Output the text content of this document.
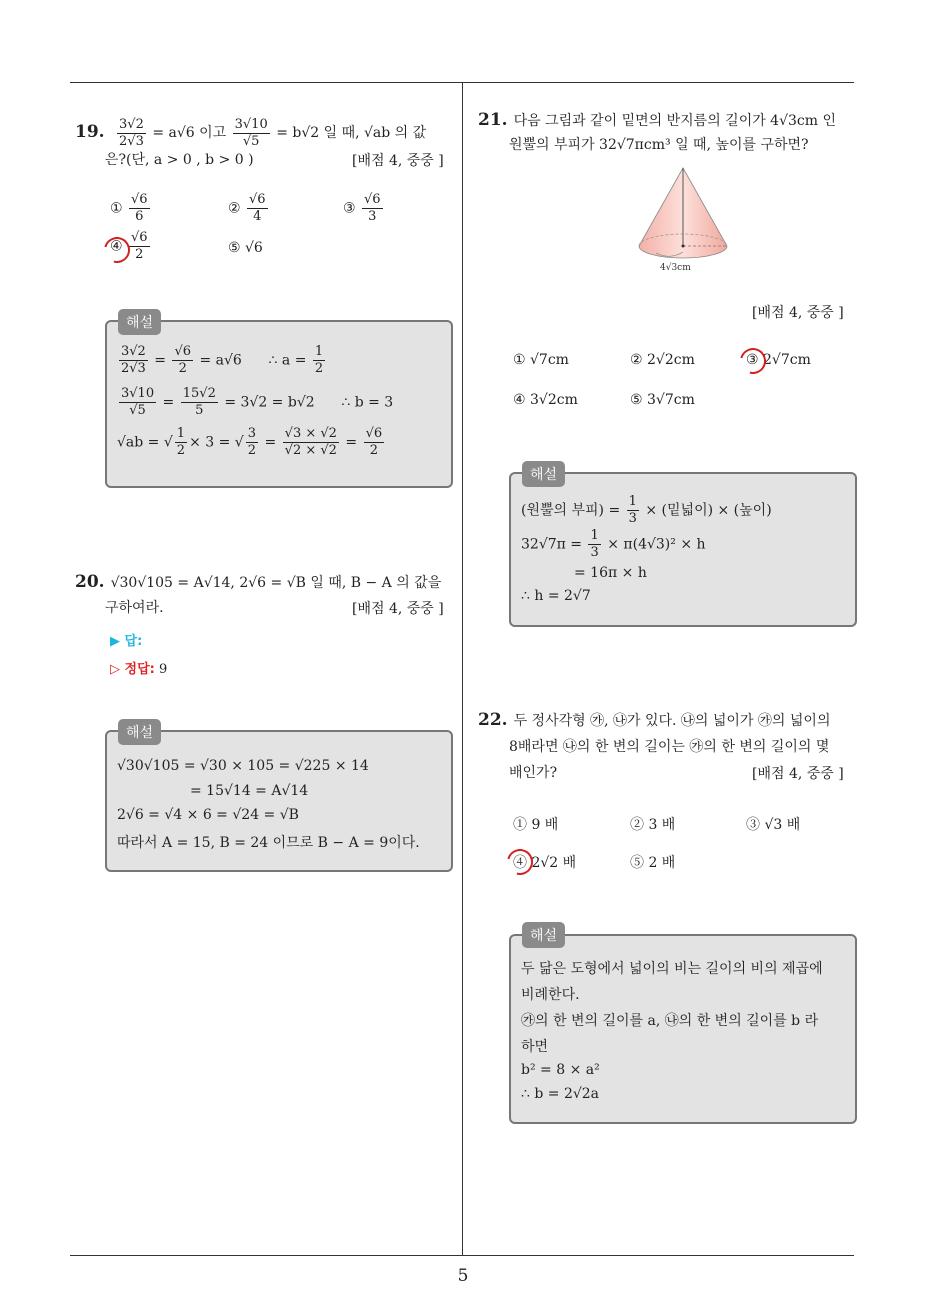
19. $\frac{3√2}{2√3} = a√6$ 이고 $\frac{3√10}{√5} = b√2$ 일 때, √ab 의 값
은?(단, a > 0 , b > 0 )	[배점 4, 중중 ]
① $\frac{√6}{6}$	② $\frac{√6}{4}$	③ $\frac{√6}{3}$
④ $\frac{√6}{2}$	⑤ √6
해설
$\frac{3√2}{2√3} = \frac{√6}{2} = a√6$ ∴ $a = \frac{1}{2}$
$\frac{3√10}{√5} = \frac{15√2}{5} = 3√2 = b√2$ ∴ b = 3
√ab = √ $\frac{1}{2} \times 3$ = √ $\frac{3}{2} = \frac{√3 \times √2}{√2 \times √2} = \frac{√6}{2}$
20. √30√105 = A√14, 2√6 = √B 일 때, B − A 의 값을
구하여라.	[배점 4, 중중 ]
▶ 답:
▷ 정답: 9
해설
√30√105 = √30 × 105 = √225 × 14
= 15√14 = A√14
2√6 = √4 × 6 = √24 = √B
따라서 A = 15, B = 24 이므로 B − A = 9이다.
21. 다음 그림과 같이 밑면의 반지름의 길이가 4√3cm 인
원뿔의 부피가 32√7πcm³ 일 때, 높이를 구하면?
4√3cm
[배점 4, 중중 ]
① √7cm	② 2√2cm	③ 2√7cm
④ 3√2cm	⑤ 3√7cm
해설
(원뿔의 부피) = $\frac{1}{3}$ × (밑넓이) × (높이)
$32√7\pi = \frac{1}{3} \times \pi(4√3)^2 \times h$
= 16π × h
∴ h = 2√7
22. 두 정사각형 ㉮, ㉯가 있다. ㉯의 넓이가 ㉮의 넓이의
8배라면 ㉯의 한 변의 길이는 ㉮의 한 변의 길이의 몇
배인가?	[배점 4, 중중 ]
① 9 배	② 3 배	③ √3 배
④ 2√2 배	⑤ 2 배
해설
두 닮은 도형에서 넓이의 비는 길이의 비의 제곱에
비례한다.
㉮의 한 변의 길이를 a, ㉯의 한 변의 길이를 b 라
하면
b² = 8 × a²
∴ b = 2√2a
5
